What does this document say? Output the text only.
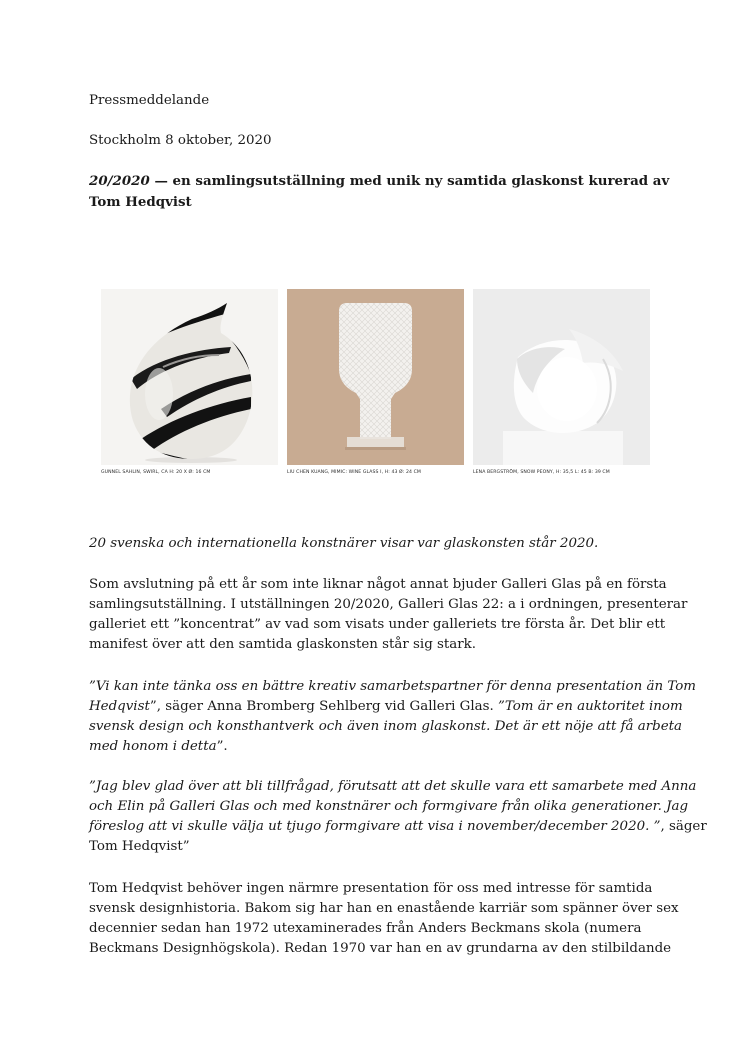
Pressmeddelande

Stockholm 8 oktober, 2020

20/2020 — en samlingsutställning med unik ny samtida glaskonst kurerad av
Tom Hedqvist
GUNNEL SAHLIN, SWIRL, CA H: 20 X Ø: 16 CM	LIU CHEN KUANG, MIMIC: WINE GLASS I, H: 43 Ø: 24 CM	LENA BERGSTRÖM, SNOW PEONY, H: 35,5 L: 45 B: 39 CM

20 svenska och internationella konstnärer visar var glaskonsten står 2020.

Som avslutning på ett år som inte liknar något annat bjuder Galleri Glas på en första
samlingsutställning. I utställningen 20/2020, Galleri Glas 22: a i ordningen, presenterar
galleriet ett ”koncentrat” av vad som visats under galleriets tre första år. Det blir ett
manifest över att den samtida glaskonsten står sig stark.
”Vi kan inte tänka oss en bättre kreativ samarbetspartner för denna presentation än Tom
Hedqvist”, säger Anna Bromberg Sehlberg vid Galleri Glas. ”Tom är en auktoritet inom
svensk design och konsthantverk och även inom glaskonst. Det är ett nöje att få arbeta
med honom i detta”.
”Jag blev glad över att bli tillfrågad, förutsatt att det skulle vara ett samarbete med Anna
och Elin på Galleri Glas och med konstnärer och formgivare från olika generationer. Jag
föreslog att vi skulle välja ut tjugo formgivare att visa i november/december 2020. ”, säger
Tom Hedqvist”
Tom Hedqvist behöver ingen närmre presentation för oss med intresse för samtida
svensk designhistoria. Bakom sig har han en enastående karriär som spänner över sex
decennier sedan han 1972 utexaminerades från Anders Beckmans skola (numera
Beckmans Designhögskola). Redan 1970 var han en av grundarna av den stilbildande
